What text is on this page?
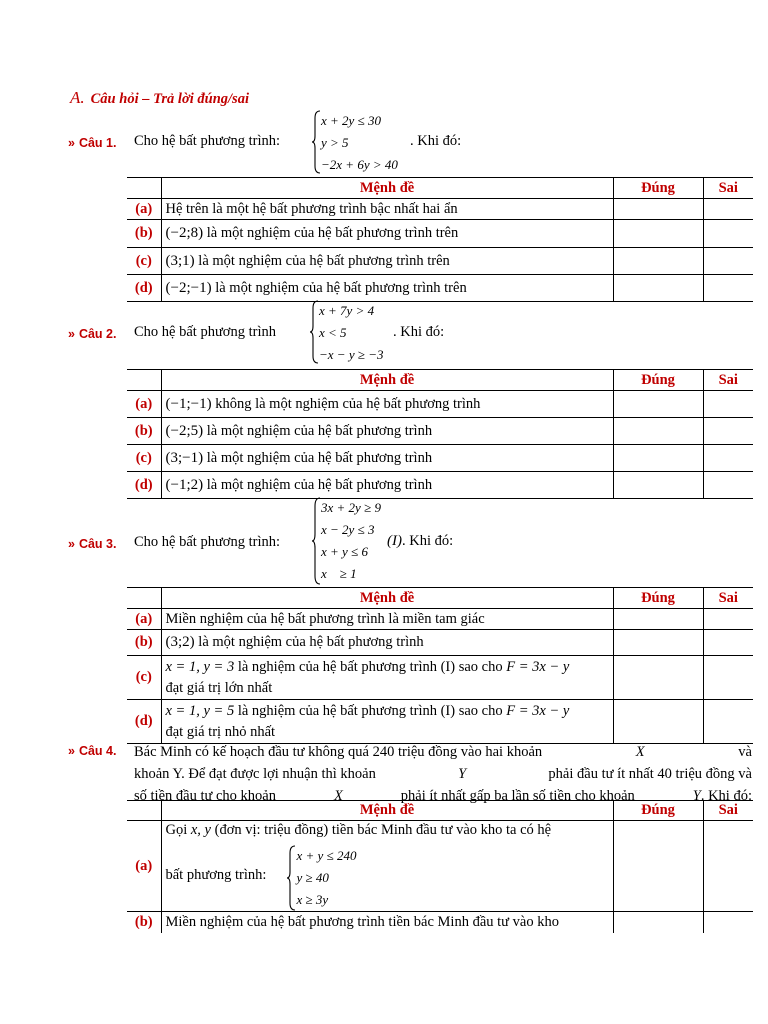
A. Câu hỏi – Trả lời đúng/sai
» Câu 1. Cho hệ bất phương trình:
x + 2y ≤ 30
y > 5
−2x + 6y > 40
. Khi đó:
	Mệnh đề	Đúng	Sai
(a)	Hệ trên là một hệ bất phương trình bậc nhất hai ẩn		
(b)	(−2;8) là một nghiệm của hệ bất phương trình trên		
(c)	(3;1) là một nghiệm của hệ bất phương trình trên		
(d)	(−2;−1) là một nghiệm của hệ bất phương trình trên		
» Câu 2. Cho hệ bất phương trình
x + 7y > 4
x < 5
−x − y ≥ −3
. Khi đó:
	Mệnh đề	Đúng	Sai
(a)	(−1;−1) không là một nghiệm của hệ bất phương trình		
(b)	(−2;5) là một nghiệm của hệ bất phương trình		
(c)	(3;−1) là một nghiệm của hệ bất phương trình		
(d)	(−1;2) là một nghiệm của hệ bất phương trình		
» Câu 3. Cho hệ bất phương trình:
3x + 2y ≥ 9
x − 2y ≤ 3
x + y ≤ 6
x    ≥ 1
(I). Khi đó:
	Mệnh đề	Đúng	Sai
(a)	Miền nghiệm của hệ bất phương trình là miền tam giác		
(b)	(3;2) là một nghiệm của hệ bất phương trình		
(c)	x = 1, y = 3 là nghiệm của hệ bất phương trình (I) sao cho F = 3x − y
đạt giá trị lớn nhất		
(d)	x = 1, y = 5 là nghiệm của hệ bất phương trình (I) sao cho F = 3x − y
đạt giá trị nhỏ nhất		
» Câu 4. Bác Minh có kế hoạch đầu tư không quá 240 triệu đồng vào hai khoản	X	và
khoản Y. Để đạt được lợi nhuận thì khoản	Y	phải đầu tư ít nhất 40 triệu đồng và
số tiền đầu tư cho khoản	X	phải ít nhất gấp ba lần số tiền cho khoản	Y. Khi đó:
	Mệnh đề	Đúng	Sai
(a)	Gọi x, y (đơn vị: triệu đồng) tiền bác Minh đầu tư vào kho ta có hệ
bất phương trình:
x + y ≤ 240
y ≥ 40
x ≥ 3y		

(b)	Miền nghiệm của hệ bất phương trình tiền bác Minh đầu tư vào kho		
